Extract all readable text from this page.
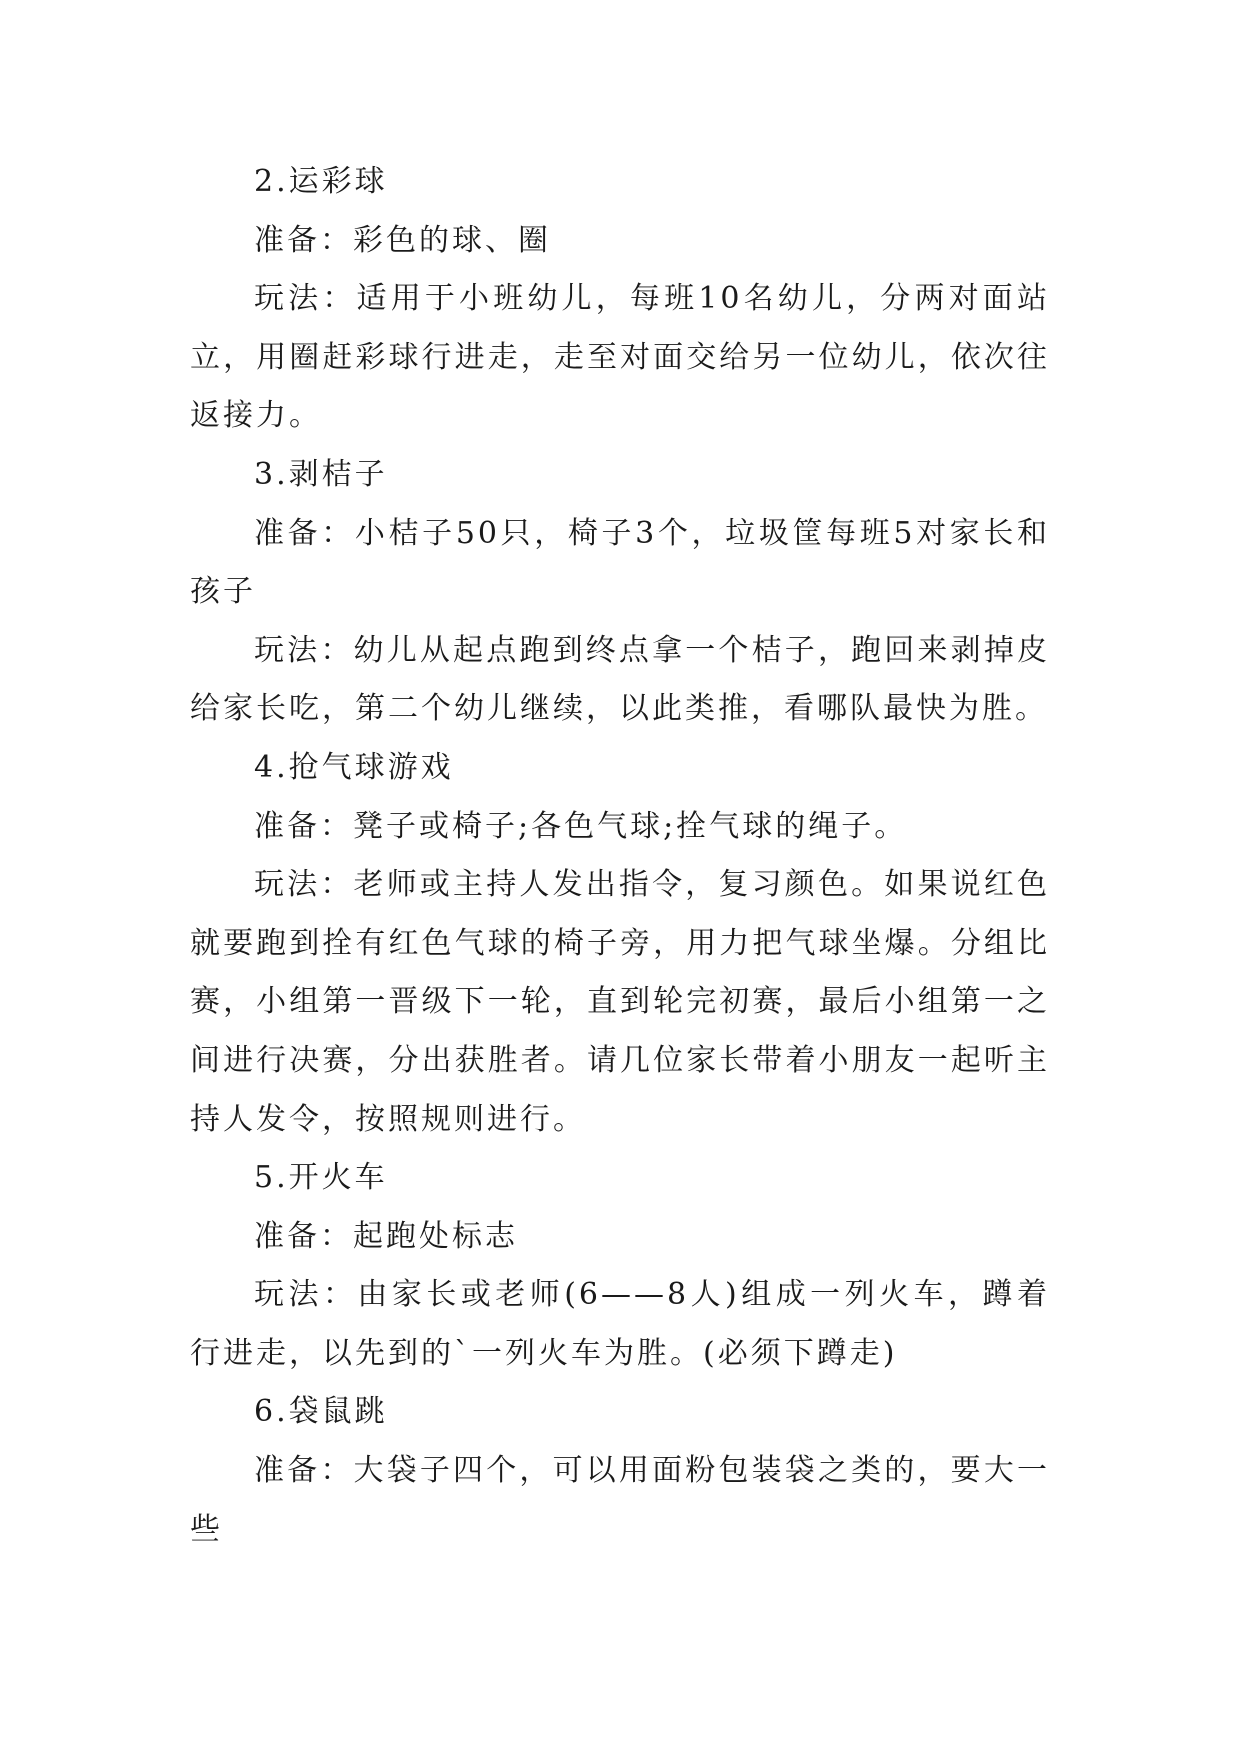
2.运彩球

准备：彩色的球、圈

玩法：适用于小班幼儿，每班10名幼儿，分两对面站立，用圈赶彩球行进走，走至对面交给另一位幼儿，依次往返接力。

3.剥桔子

准备：小桔子50只，椅子3个，垃圾筐每班5对家长和孩子

玩法：幼儿从起点跑到终点拿一个桔子，跑回来剥掉皮给家长吃，第二个幼儿继续，以此类推，看哪队最快为胜。

4.抢气球游戏

准备：凳子或椅子;各色气球;拴气球的绳子。

玩法：老师或主持人发出指令，复习颜色。如果说红色就要跑到拴有红色气球的椅子旁，用力把气球坐爆。分组比赛，小组第一晋级下一轮，直到轮完初赛，最后小组第一之间进行决赛，分出获胜者。请几位家长带着小朋友一起听主持人发令，按照规则进行。

5.开火车

准备：起跑处标志

玩法：由家长或老师(6——8人)组成一列火车，蹲着行进走，以先到的`一列火车为胜。(必须下蹲走)

6.袋鼠跳

准备：大袋子四个，可以用面粉包装袋之类的，要大一些
